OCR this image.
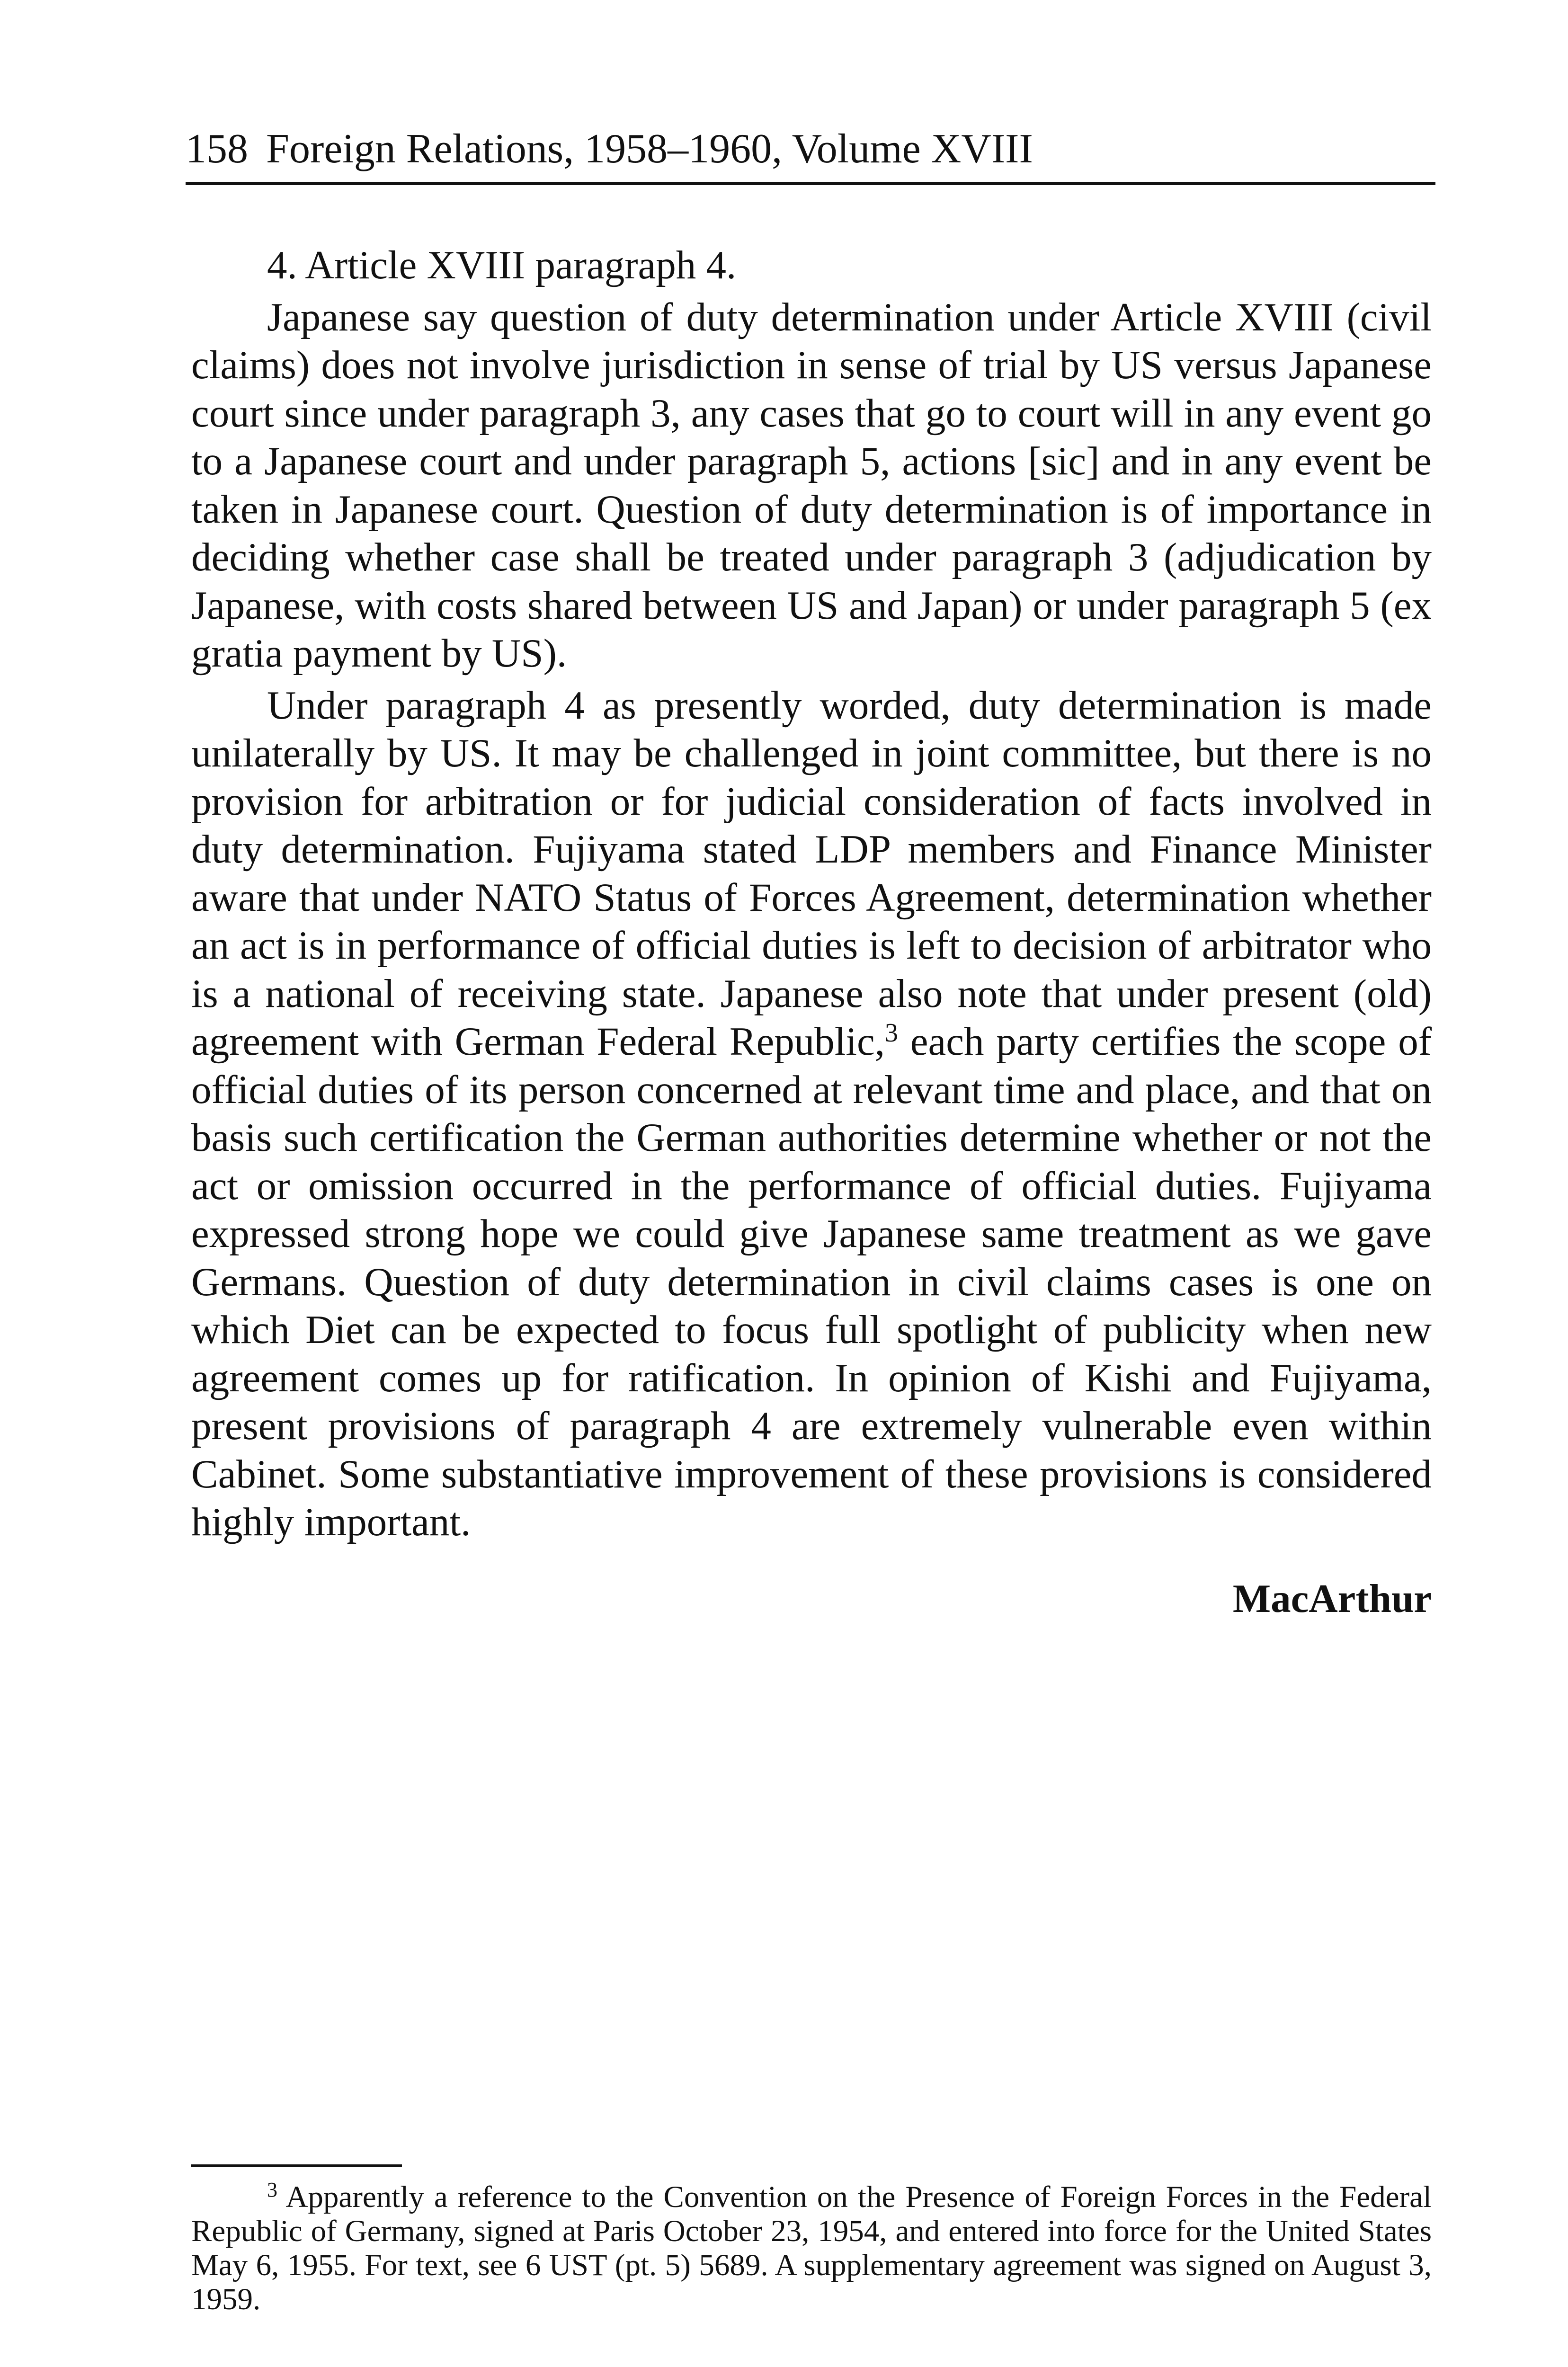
158 Foreign Relations, 1958–1960, Volume XVIII

4. Article XVIII paragraph 4.

Japanese say question of duty determination under Article XVIII (civil claims) does not involve jurisdiction in sense of trial by US versus Japanese court since under paragraph 3, any cases that go to court will in any event go to a Japanese court and under paragraph 5, actions [sic] and in any event be taken in Japanese court. Question of duty determination is of importance in deciding whether case shall be treated under paragraph 3 (adjudication by Japanese, with costs shared between US and Japan) or under paragraph 5 (ex gratia payment by US).

Under paragraph 4 as presently worded, duty determination is made unilaterally by US. It may be challenged in joint committee, but there is no provision for arbitration or for judicial consideration of facts involved in duty determination. Fujiyama stated LDP members and Finance Minister aware that under NATO Status of Forces Agreement, determination whether an act is in performance of official duties is left to decision of arbitrator who is a national of receiving state. Japanese also note that under present (old) agreement with German Federal Republic,$^3$ each party certifies the scope of official duties of its person concerned at relevant time and place, and that on basis such certification the German authorities determine whether or not the act or omission occurred in the performance of official duties. Fujiyama expressed strong hope we could give Japanese same treatment as we gave Germans. Question of duty determination in civil claims cases is one on which Diet can be expected to focus full spotlight of publicity when new agreement comes up for ratification. In opinion of Kishi and Fujiyama, present provisions of paragraph 4 are extremely vulnerable even within Cabinet. Some substantiative improvement of these provisions is considered highly important.

MacArthur

$^3$ Apparently a reference to the Convention on the Presence of Foreign Forces in the Federal Republic of Germany, signed at Paris October 23, 1954, and entered into force for the United States May 6, 1955. For text, see 6 UST (pt. 5) 5689. A supplementary agreement was signed on August 3, 1959.
